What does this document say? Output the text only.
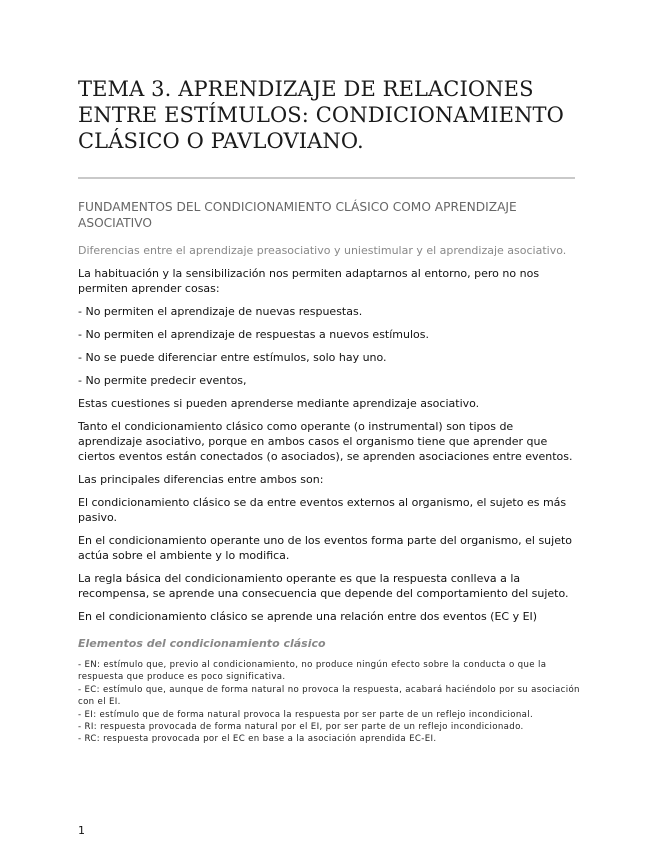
TEMA 3. APRENDIZAJE DE RELACIONES ENTRE ESTÍMULOS: CONDICIONAMIENTO CLÁSICO O PAVLOVIANO.
FUNDAMENTOS DEL CONDICIONAMIENTO CLÁSICO COMO APRENDIZAJE ASOCIATIVO
Diferencias entre el aprendizaje preasociativo y uniestimular y el aprendizaje asociativo.

La habituación y la sensibilización nos permiten adaptarnos al entorno, pero no nos permiten aprender cosas:

- No permiten el aprendizaje de nuevas respuestas.

- No permiten el aprendizaje de respuestas a nuevos estímulos.

- No se puede diferenciar entre estímulos, solo hay uno.

- No permite predecir eventos,

Estas cuestiones si pueden aprenderse mediante aprendizaje asociativo.

Tanto el condicionamiento clásico como operante (o instrumental) son tipos de aprendizaje asociativo, porque en ambos casos el organismo tiene que aprender que ciertos eventos están conectados (o asociados), se aprenden asociaciones entre eventos.

Las principales diferencias entre ambos son:

El condicionamiento clásico se da entre eventos externos al organismo, el sujeto es más pasivo.

En el condicionamiento operante uno de los eventos forma parte del organismo, el sujeto actúa sobre el ambiente y lo modifica.

La regla básica del condicionamiento operante es que la respuesta conlleva a la recompensa, se aprende una consecuencia que depende del comportamiento del sujeto.

En el condicionamiento clásico se aprende una relación entre dos eventos (EC y EI)

Elementos del condicionamiento clásico

- EN: estímulo que, previo al condicionamiento, no produce ningún efecto sobre la conducta o que la respuesta que produce es poco significativa.

- EC: estímulo que, aunque de forma natural no provoca la respuesta, acabará haciéndolo por su asociación con el EI.

- EI: estímulo que de forma natural provoca la respuesta por ser parte de un reflejo incondicional.

- RI: respuesta provocada de forma natural por el EI, por ser parte de un reflejo incondicionado.

- RC: respuesta provocada por el EC en base a la asociación aprendida EC-EI.

1
